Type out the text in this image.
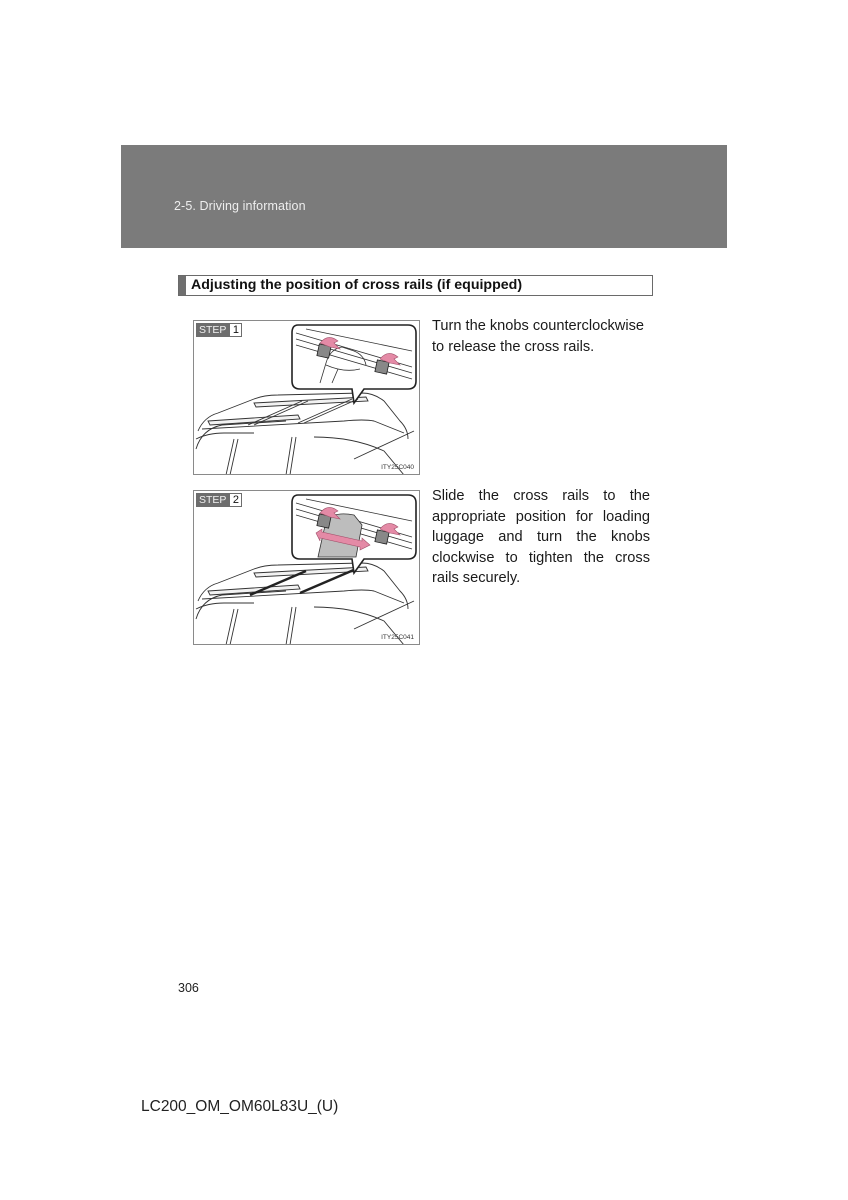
2-5. Driving information
Adjusting the position of cross rails (if equipped)
STEP 1
ITY25C040
Turn the knobs counterclockwise to release the cross rails.
STEP 2
ITY25C041
Slide the cross rails to the appropriate position for loading luggage and turn the knobs clockwise to tighten the cross rails securely.
306
LC200_OM_OM60L83U_(U)
